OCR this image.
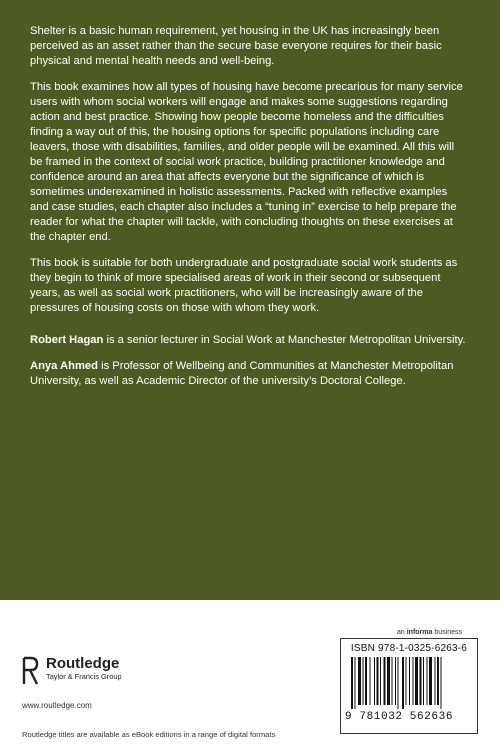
Shelter is a basic human requirement, yet housing in the UK has increasingly been perceived as an asset rather than the secure base everyone requires for their basic physical and mental health needs and well-being.

This book examines how all types of housing have become precarious for many service users with whom social workers will engage and makes some suggestions regarding action and best practice. Showing how people become homeless and the difficulties finding a way out of this, the housing options for specific populations including care leavers, those with disabilities, families, and older people will be examined. All this will be framed in the context of social work practice, building practitioner knowledge and confidence around an area that affects everyone but the significance of which is sometimes underexamined in holistic assessments. Packed with reflective examples and case studies, each chapter also includes a “tuning in” exercise to help prepare the reader for what the chapter will tackle, with concluding thoughts on these exercises at the chapter end.

This book is suitable for both undergraduate and postgraduate social work students as they begin to think of more specialised areas of work in their second or subsequent years, as well as social work practitioners, who will be increasingly aware of the pressures of housing costs on those with whom they work.

Robert Hagan is a senior lecturer in Social Work at Manchester Metropolitan University.

Anya Ahmed is Professor of Wellbeing and Communities at Manchester Metropolitan University, as well as Academic Director of the university’s Doctoral College.

Routledge
Taylor & Francis Group
www.routledge.com
Routledge titles are available as eBook editions in a range of digital formats
an informa business
ISBN 978-1-0325-6263-6
9 781032 562636
